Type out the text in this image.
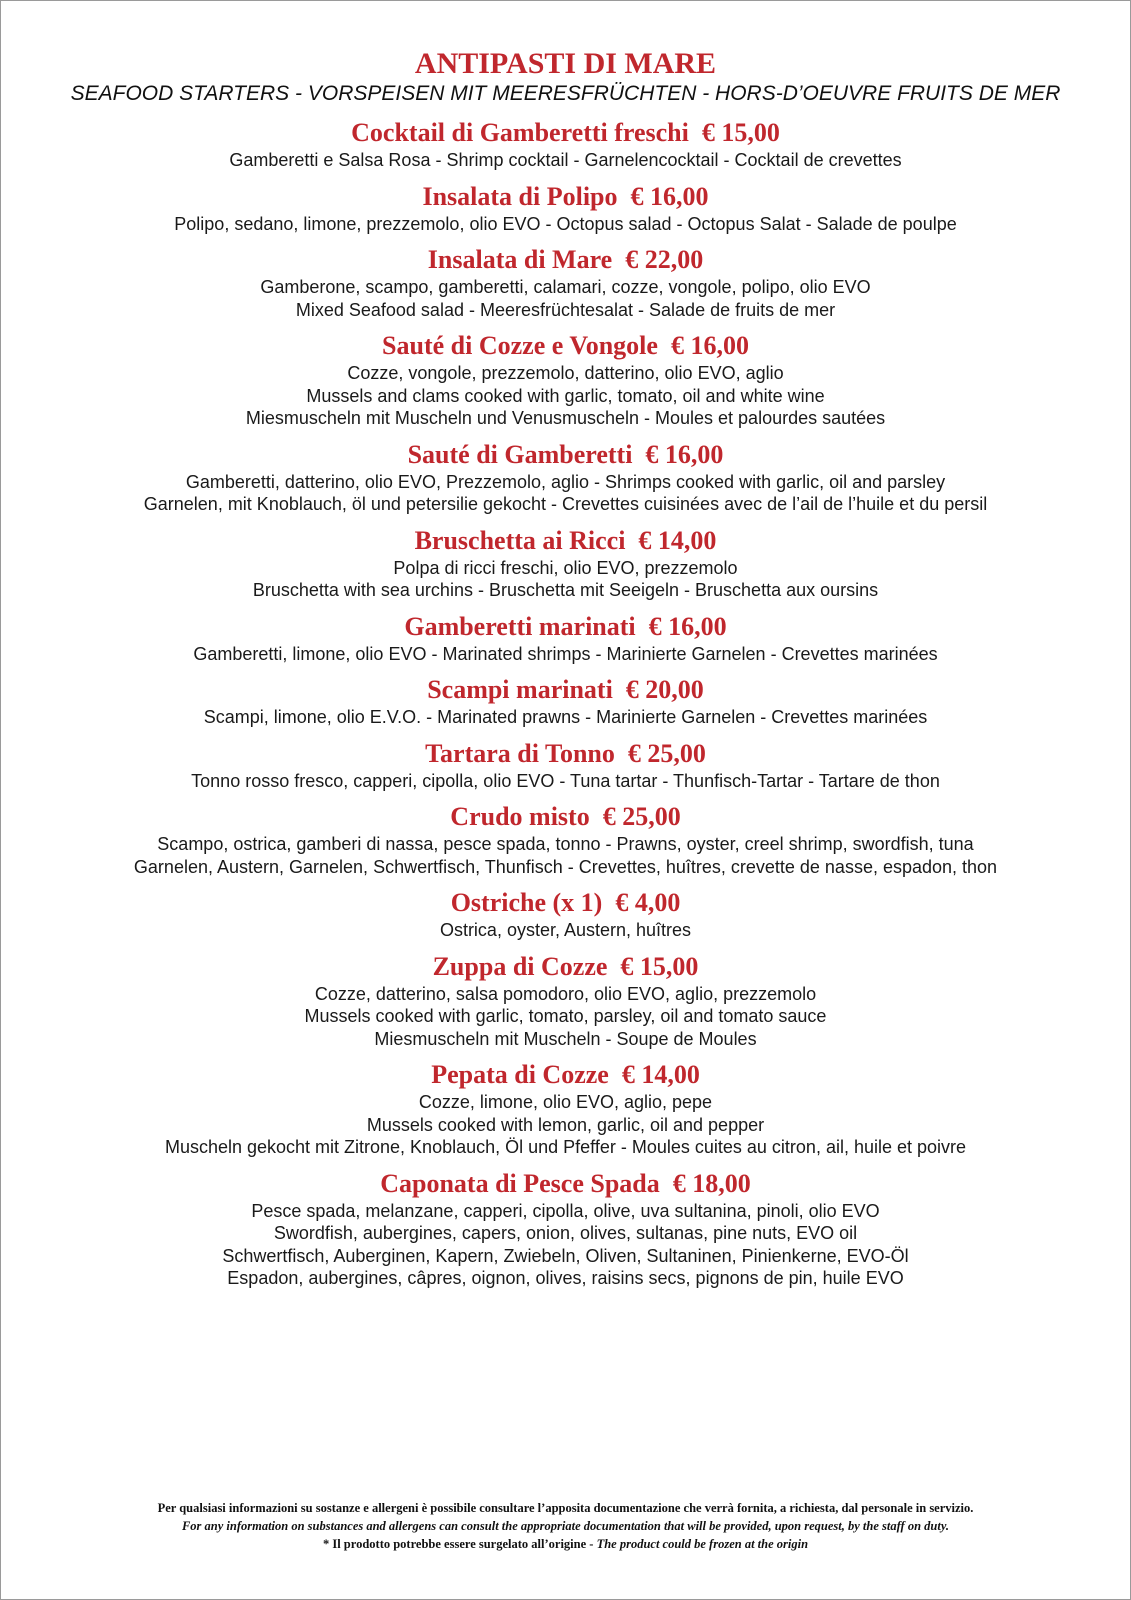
ANTIPASTI DI MARE

SEAFOOD STARTERS - VORSPEISEN MIT MEERESFRÜCHTEN - HORS-D’OEUVRE FRUITS DE MER

Cocktail di Gamberetti freschi € 15,00

Gamberetti e Salsa Rosa - Shrimp cocktail - Garnelencocktail - Cocktail de crevettes

Insalata di Polipo € 16,00

Polipo, sedano, limone, prezzemolo, olio EVO - Octopus salad - Octopus Salat - Salade de poulpe

Insalata di Mare € 22,00

Gamberone, scampo, gamberetti, calamari, cozze, vongole, polipo, olio EVO

Mixed Seafood salad - Meeresfrüchtesalat - Salade de fruits de mer

Sauté di Cozze e Vongole € 16,00

Cozze, vongole, prezzemolo, datterino, olio EVO, aglio

Mussels and clams cooked with garlic, tomato, oil and white wine

Miesmuscheln mit Muscheln und Venusmuscheln - Moules et palourdes sautées

Sauté di Gamberetti € 16,00

Gamberetti, datterino, olio EVO, Prezzemolo, aglio - Shrimps cooked with garlic, oil and parsley

Garnelen, mit Knoblauch, öl und petersilie gekocht - Crevettes cuisinées avec de l’ail de l’huile et du persil

Bruschetta ai Ricci € 14,00

Polpa di ricci freschi, olio EVO, prezzemolo

Bruschetta with sea urchins - Bruschetta mit Seeigeln - Bruschetta aux oursins

Gamberetti marinati € 16,00

Gamberetti, limone, olio EVO - Marinated shrimps - Marinierte Garnelen - Crevettes marinées

Scampi marinati € 20,00

Scampi, limone, olio E.V.O. - Marinated prawns - Marinierte Garnelen - Crevettes marinées

Tartara di Tonno € 25,00

Tonno rosso fresco, capperi, cipolla, olio EVO - Tuna tartar - Thunfisch-Tartar - Tartare de thon

Crudo misto € 25,00

Scampo, ostrica, gamberi di nassa, pesce spada, tonno - Prawns, oyster, creel shrimp, swordfish, tuna

Garnelen, Austern, Garnelen, Schwertfisch, Thunfisch - Crevettes, huîtres, crevette de nasse, espadon, thon

Ostriche (x 1) € 4,00

Ostrica, oyster, Austern, huîtres

Zuppa di Cozze € 15,00

Cozze, datterino, salsa pomodoro, olio EVO, aglio, prezzemolo

Mussels cooked with garlic, tomato, parsley, oil and tomato sauce

Miesmuscheln mit Muscheln - Soupe de Moules

Pepata di Cozze € 14,00

Cozze, limone, olio EVO, aglio, pepe

Mussels cooked with lemon, garlic, oil and pepper

Muscheln gekocht mit Zitrone, Knoblauch, Öl und Pfeffer - Moules cuites au citron, ail, huile et poivre

Caponata di Pesce Spada € 18,00

Pesce spada, melanzane, capperi, cipolla, olive, uva sultanina, pinoli, olio EVO

Swordfish, aubergines, capers, onion, olives, sultanas, pine nuts, EVO oil

Schwertfisch, Auberginen, Kapern, Zwiebeln, Oliven, Sultaninen, Pinienkerne, EVO-Öl

Espadon, aubergines, câpres, oignon, olives, raisins secs, pignons de pin, huile EVO

Per qualsiasi informazioni su sostanze e allergeni è possibile consultare l’apposita documentazione che verrà fornita, a richiesta, dal personale in servizio.

For any information on substances and allergens can consult the appropriate documentation that will be provided, upon request, by the staff on duty.

* Il prodotto potrebbe essere surgelato all’origine - The product could be frozen at the origin
